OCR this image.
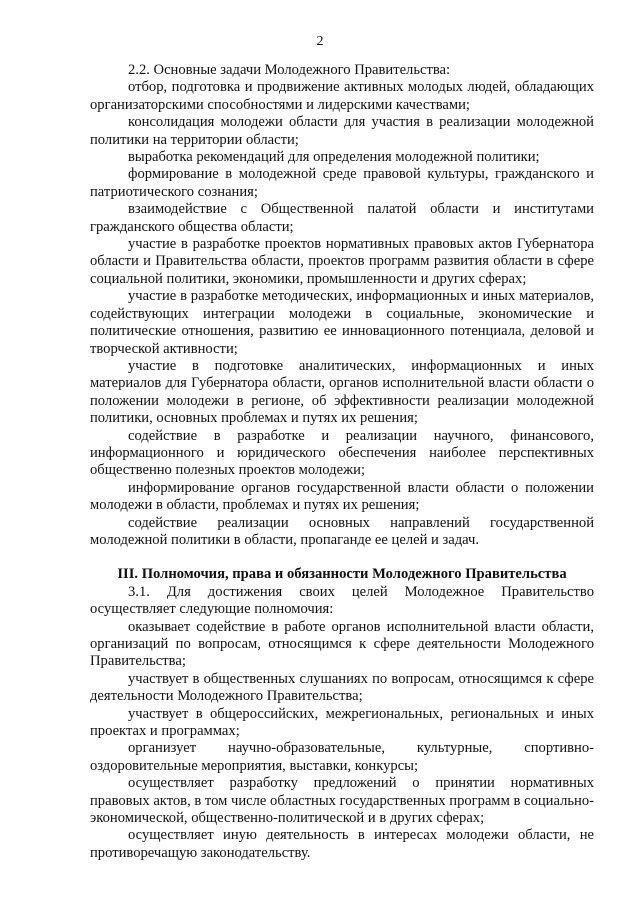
2

2.2. Основные задачи Молодежного Правительства:

отбор, подготовка и продвижение активных молодых людей, обладающих организаторскими способностями и лидерскими качествами;

консолидация молодежи области для участия в реализации молодежной политики на территории области;

выработка рекомендаций для определения молодежной политики;

формирование в молодежной среде правовой культуры, гражданского и патриотического сознания;

взаимодействие с Общественной палатой области и институтами гражданского общества области;

участие в разработке проектов нормативных правовых актов Губернатора области и Правительства области, проектов программ развития области в сфере социальной политики, экономики, промышленности и других сферах;

участие в разработке методических, информационных и иных материалов, содействующих интеграции молодежи в социальные, экономические и политические отношения, развитию ее инновационного потенциала, деловой и творческой активности;

участие в подготовке аналитических, информационных и иных материалов для Губернатора области, органов исполнительной власти области о положении молодежи в регионе, об эффективности реализации молодежной политики, основных проблемах и путях их решения;

содействие в разработке и реализации научного, финансового, информационного и юридического обеспечения наиболее перспективных общественно полезных проектов молодежи;

информирование органов государственной власти области о положении молодежи в области, проблемах и путях их решения;

содействие реализации основных направлений государственной молодежной политики в области, пропаганде ее целей и задач.

III. Полномочия, права и обязанности Молодежного Правительства

3.1. Для достижения своих целей Молодежное Правительство осуществляет следующие полномочия:

оказывает содействие в работе органов исполнительной власти области, организаций по вопросам, относящимся к сфере деятельности Молодежного Правительства;

участвует в общественных слушаниях по вопросам, относящимся к сфере деятельности Молодежного Правительства;

участвует в общероссийских, межрегиональных, региональных и иных проектах и программах;

организует научно-образовательные, культурные, спортивно-оздоровительные мероприятия, выставки, конкурсы;

осуществляет разработку предложений о принятии нормативных правовых актов, в том числе областных государственных программ в социально-экономической, общественно-политической и в других сферах;

осуществляет иную деятельность в интересах молодежи области, не противоречащую законодательству.
